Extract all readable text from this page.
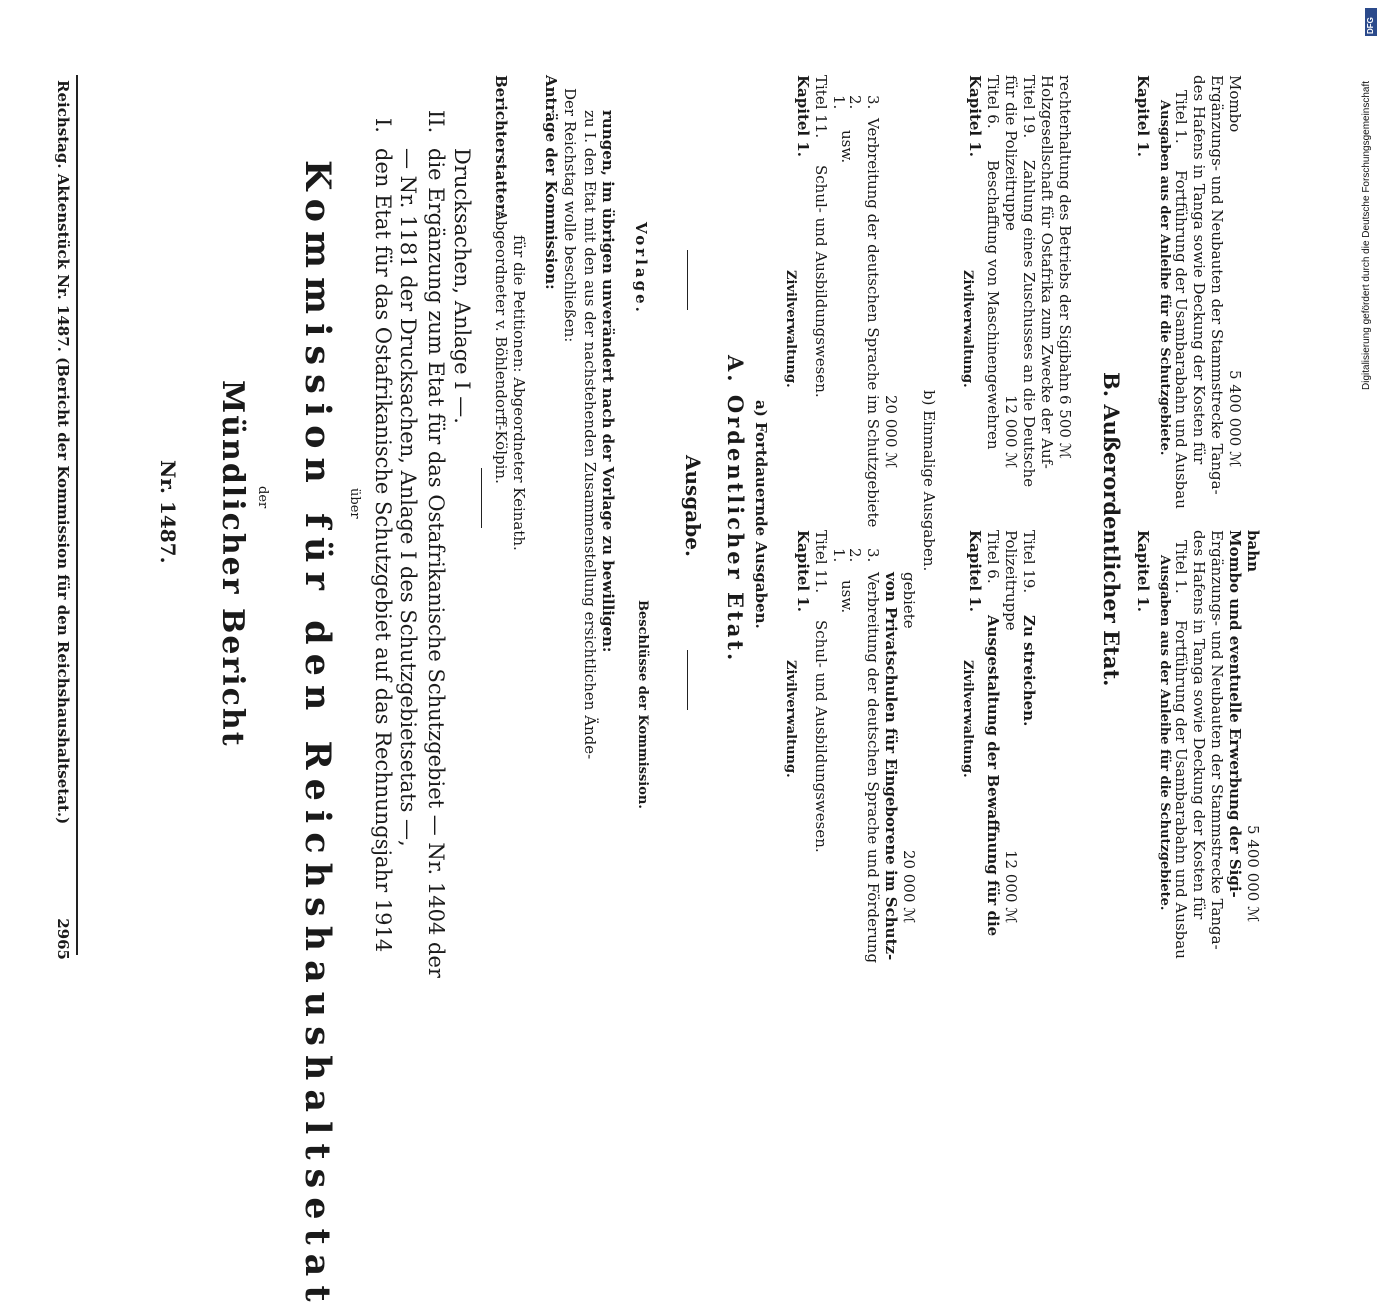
Reichstag. Aktenstück Nr. 1487. (Bericht der Kommission für den Reichshaushaltsetat.)
2965
Nr. 1487. Mündlicher Bericht der Kommission für den Reichshaushaltsetat über
I.
den Etat für das Ostafrikanische Schutzgebiet auf das Rechnungsjahr 1914 — Nr. 1181 der Drucksachen, Anlage I des Schutzgebietsetats —,
II.
die Ergänzung zum Etat für das Ostafrikanische Schutzgebiet — Nr. 1404 der Drucksachen, Anlage I —.
Berichterstatter:
Abgeordneter v. Böhlendorff-Kölpin. für die Petitionen: Abgeordneter Keinath.
Anträge der Kommission: Der Reichstag wolle beschließen: zu I. den Etat mit den aus der nachstehenden Zusammenstellung ersichtlichen Ände- rungen, im übrigen unverändert nach der Vorlage zu bewilligen: Vorlage.
Beschlüsse der Kommission.
Ausgabe. A. Ordentlicher Etat. a) Fortdauernde Ausgaben.
Zivilverwaltung.
Kapitel 1. Titel 11.
Schul- und Ausbildungswesen.
1.
2.
usw.
3.
Verbreitung der deutschen Sprache im Schutzgebiete 20 000 ℳ
Zivilverwaltung.
Kapitel 1. Titel 11.
Schul- und Ausbildungswesen.
1.
2.
usw.
3.
Verbreitung der deutschen Sprache und Förderung von Privatschulen für Eingeborene im Schutz- gebiete
20 000 ℳ
b) Einmalige Ausgaben.
Zivilverwaltung.
Kapitel 1. Titel 6.
Beschaffung von Maschinengewehren
für die Polizeitruppe
12 000 ℳ
Titel 19.
Zahlung eines Zuschusses an die Deutsche Holzgesellschaft für Ostafrika zum Zwecke der Auf- rechterhaltung des Betriebs der Sigibahn
6 500 ℳ
Zivilverwaltung.
Kapitel 1. Titel 6.
Ausgestaltung der Bewaffnung für die
Polizeitruppe
12 000 ℳ
Titel 19.
Zu streichen.	B. Außerordentlicher Etat.
Kapitel 1. Ausgaben aus der Anleihe für die Schutzgebiete. Titel 1.
Fortführung der Usambarabahn und Ausbau des Hafens in Tanga sowie Deckung der Kosten für Ergänzungs- und Neubauten der Stammstrecke Tanga- Mombo
5 400 000 ℳ
Kapitel 1. Ausgaben aus der Anleihe für die Schutzgebiete. Titel 1.
Fortführung der Usambarabahn und Ausbau des Hafens in Tanga sowie Deckung der Kosten für Ergänzungs- und Neubauten der Stammstrecke Tanga- Mombo und eventuelle Erwerbung der Sigi- bahn
5 400 000 ℳ
DFG
Digitalisierung gefördert durch die Deutsche Forschungsgemeinschaft
